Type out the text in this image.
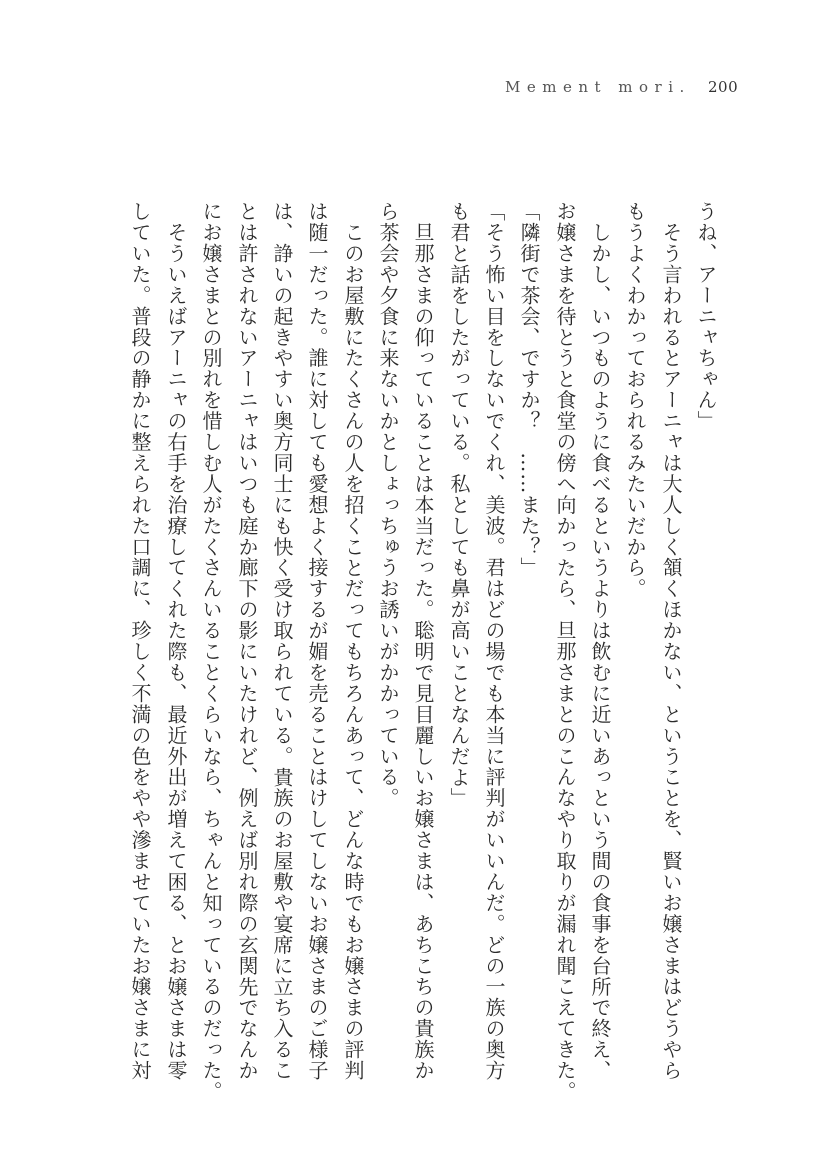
Mement mori. 200
うね、アーニャちゃん」
　そう言われるとアーニャは大人しく頷くほかない、ということを、賢いお嬢さまはどうやら
もうよくわかっておられるみたいだから。
　しかし、いつものように食べるというよりは飲むに近いあっという間の食事を台所で終え、
お嬢さまを待とうと食堂の傍へ向かったら、旦那さまとのこんなやり取りが漏れ聞こえてきた。
「隣街で茶会、ですか？　……また？」
「そう怖い目をしないでくれ、美波。君はどの場でも本当に評判がいいんだ。どの一族の奥方
も君と話をしたがっている。私としても鼻が高いことなんだよ」
　旦那さまの仰っていることは本当だった。聡明で見目麗しいお嬢さまは、あちこちの貴族か
ら茶会や夕食に来ないかとしょっちゅうお誘いがかかっている。
　このお屋敷にたくさんの人を招くことだってもちろんあって、どんな時でもお嬢さまの評判
は随一だった。誰に対しても愛想よく接するが媚を売ることはけしてしないお嬢さまのご様子
は、諍いの起きやすい奥方同士にも快く受け取られている。貴族のお屋敷や宴席に立ち入るこ
とは許されないアーニャはいつも庭か廊下の影にいたけれど、例えば別れ際の玄関先でなんか
にお嬢さまとの別れを惜しむ人がたくさんいることくらいなら、ちゃんと知っているのだった。
　そういえばアーニャの右手を治療してくれた際も、最近外出が増えて困る、とお嬢さまは零
していた。普段の静かに整えられた口調に、珍しく不満の色をやや滲ませていたお嬢さまに対
